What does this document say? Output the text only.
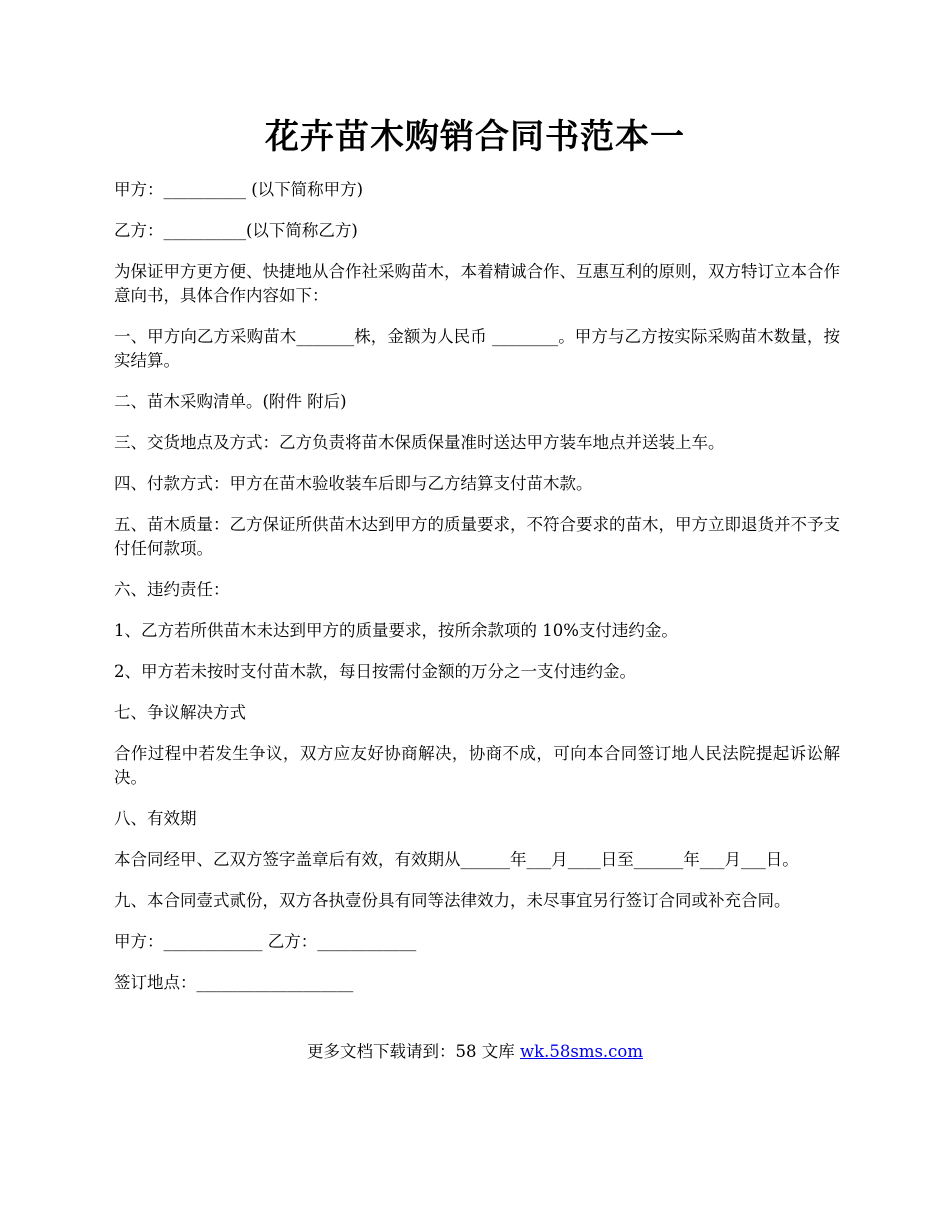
花卉苗木购销合同书范本一

甲方：__________ (以下简称甲方)

乙方：__________(以下简称乙方)

为保证甲方更方便、快捷地从合作社采购苗木，本着精诚合作、互惠互利的原则，双方特订立本合作意向书，具体合作内容如下：

一、甲方向乙方采购苗木_______株，金额为人民币 ________。甲方与乙方按实际采购苗木数量，按实结算。

二、苗木采购清单。(附件 附后)

三、交货地点及方式：乙方负责将苗木保质保量准时送达甲方装车地点并送装上车。

四、付款方式：甲方在苗木验收装车后即与乙方结算支付苗木款。

五、苗木质量：乙方保证所供苗木达到甲方的质量要求，不符合要求的苗木，甲方立即退货并不予支付任何款项。

六、违约责任：

1、乙方若所供苗木未达到甲方的质量要求，按所余款项的 10%支付违约金。

2、甲方若未按时支付苗木款，每日按需付金额的万分之一支付违约金。

七、争议解决方式

合作过程中若发生争议，双方应友好协商解决，协商不成，可向本合同签订地人民法院提起诉讼解决。

八、有效期

本合同经甲、乙双方签字盖章后有效，有效期从______年___月____日至______年___月___日。

九、本合同壹式贰份，双方各执壹份具有同等法律效力，未尽事宜另行签订合同或补充合同。

甲方：____________ 乙方：____________

签订地点：___________________

更多文档下载请到：58 文库 wk.58sms.com
